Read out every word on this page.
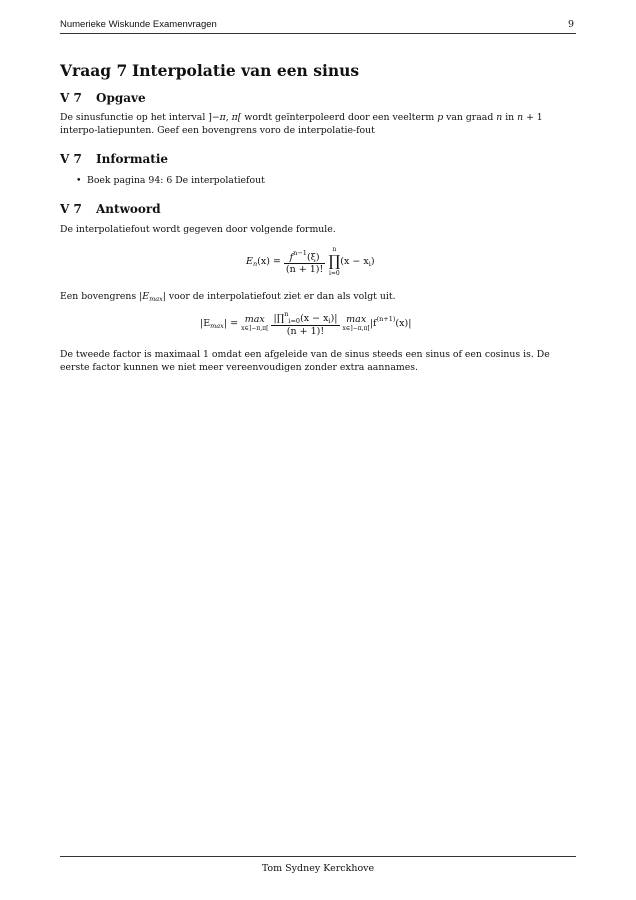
Numerieke Wiskunde Examenvragen	9
Vraag 7 Interpolatie van een sinus
V 7 Opgave
De sinusfunctie op het interval ]−π, π[ wordt geïnterpoleerd door een veelterm p van graad n in n + 1 interpo-latiepunten. Geef een bovengrens voro de interpolatie-fout
V 7 Informatie
• Boek pagina 94: 6 De interpolatiefout
V 7 Antwoord
De interpolatiefout wordt gegeven door volgende formule.
$E_n(x) = \frac{f^{n-1}(\xi)}{(n + 1)!}$
	n
∏
i=0
$(x - x_i)$
Een bovengrens $|E_{max}|$ voor de interpolatiefout ziet er dan als volgt uit.
$|E_{max}| = \max$
x∈]−π,π[
$\frac{|\prod^n_{i=0}(x - x_i)|}{(n + 1)!}$
max
x∈]−π,π[ $|f^{(n+1)}(x)|$
De tweede factor is maximaal 1 omdat een afgeleide van de sinus steeds een sinus of een cosinus is. De eerste factor kunnen we niet meer vereenvoudigen zonder extra aannames.
Tom Sydney Kerckhove
